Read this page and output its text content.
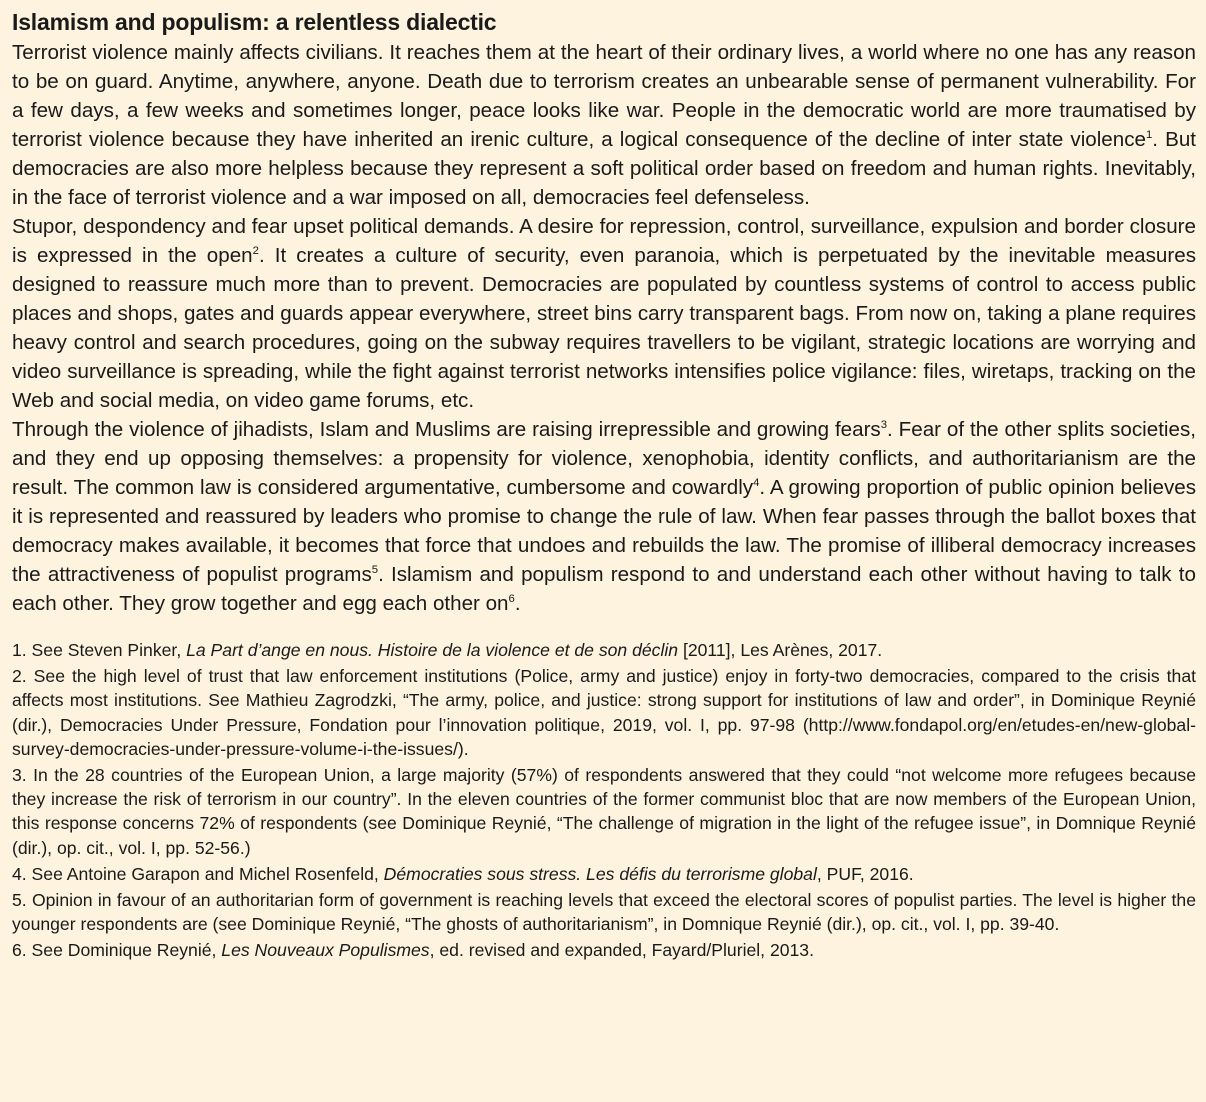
Islamism and populism: a relentless dialectic

Terrorist violence mainly affects civilians. It reaches them at the heart of their ordinary lives, a world where no one has any reason to be on guard. Anytime, anywhere, anyone. Death due to terrorism creates an unbearable sense of permanent vulnerability. For a few days, a few weeks and sometimes longer, peace looks like war. People in the democratic world are more traumatised by terrorist violence because they have inherited an irenic culture, a logical consequence of the decline of inter state violence$^1$. But democracies are also more helpless because they represent a soft political order based on freedom and human rights. Inevitably, in the face of terrorist violence and a war imposed on all, democracies feel defenseless.

Stupor, despondency and fear upset political demands. A desire for repression, control, surveillance, expulsion and border closure is expressed in the open$^2$. It creates a culture of security, even paranoia, which is perpetuated by the inevitable measures designed to reassure much more than to prevent. Democracies are populated by countless systems of control to access public places and shops, gates and guards appear everywhere, street bins carry transparent bags. From now on, taking a plane requires heavy control and search procedures, going on the subway requires travellers to be vigilant, strategic locations are worrying and video surveillance is spreading, while the fight against terrorist networks intensifies police vigilance: files, wiretaps, tracking on the Web and social media, on video game forums, etc.

Through the violence of jihadists, Islam and Muslims are raising irrepressible and growing fears$^3$. Fear of the other splits societies, and they end up opposing themselves: a propensity for violence, xenophobia, identity conflicts, and authoritarianism are the result. The common law is considered argumentative, cumbersome and cowardly$^4$. A growing proportion of public opinion believes it is represented and reassured by leaders who promise to change the rule of law. When fear passes through the ballot boxes that democracy makes available, it becomes that force that undoes and rebuilds the law. The promise of illiberal democracy increases the attractiveness of populist programs$^5$. Islamism and populism respond to and understand each other without having to talk to each other. They grow together and egg each other $on^6$.

1. See Steven Pinker, La Part d’ange en nous. Histoire de la violence et de son déclin [2011], Les Arènes, 2017.

2. See the high level of trust that law enforcement institutions (Police, army and justice) enjoy in forty-two democracies, compared to the crisis that affects most institutions. See Mathieu Zagrodzki, “The army, police, and justice: strong support for institutions of law and order”, in Dominique Reynié (dir.), Democracies Under Pressure, Fondation pour l’innovation politique, 2019, vol. I, pp. 97-98 (http://www.fondapol.org/en/etudes-en/new-global-survey-democracies-under-pressure-volume-i-the-issues/).

3. In the 28 countries of the European Union, a large majority (57%) of respondents answered that they could “not welcome more refugees because they increase the risk of terrorism in our country”. In the eleven countries of the former communist bloc that are now members of the European Union, this response concerns 72% of respondents (see Dominique Reynié, “The challenge of migration in the light of the refugee issue”, in Domnique Reynié (dir.), op. cit., vol. I, pp. 52-56.)

4. See Antoine Garapon and Michel Rosenfeld, Démocraties sous stress. Les défis du terrorisme global, PUF, 2016.

5. Opinion in favour of an authoritarian form of government is reaching levels that exceed the electoral scores of populist parties. The level is higher the younger respondents are (see Dominique Reynié, “The ghosts of authoritarianism”, in Domnique Reynié (dir.), op. cit., vol. I, pp. 39-40.

6. See Dominique Reynié, Les Nouveaux Populismes, ed. revised and expanded, Fayard/Pluriel, 2013.
